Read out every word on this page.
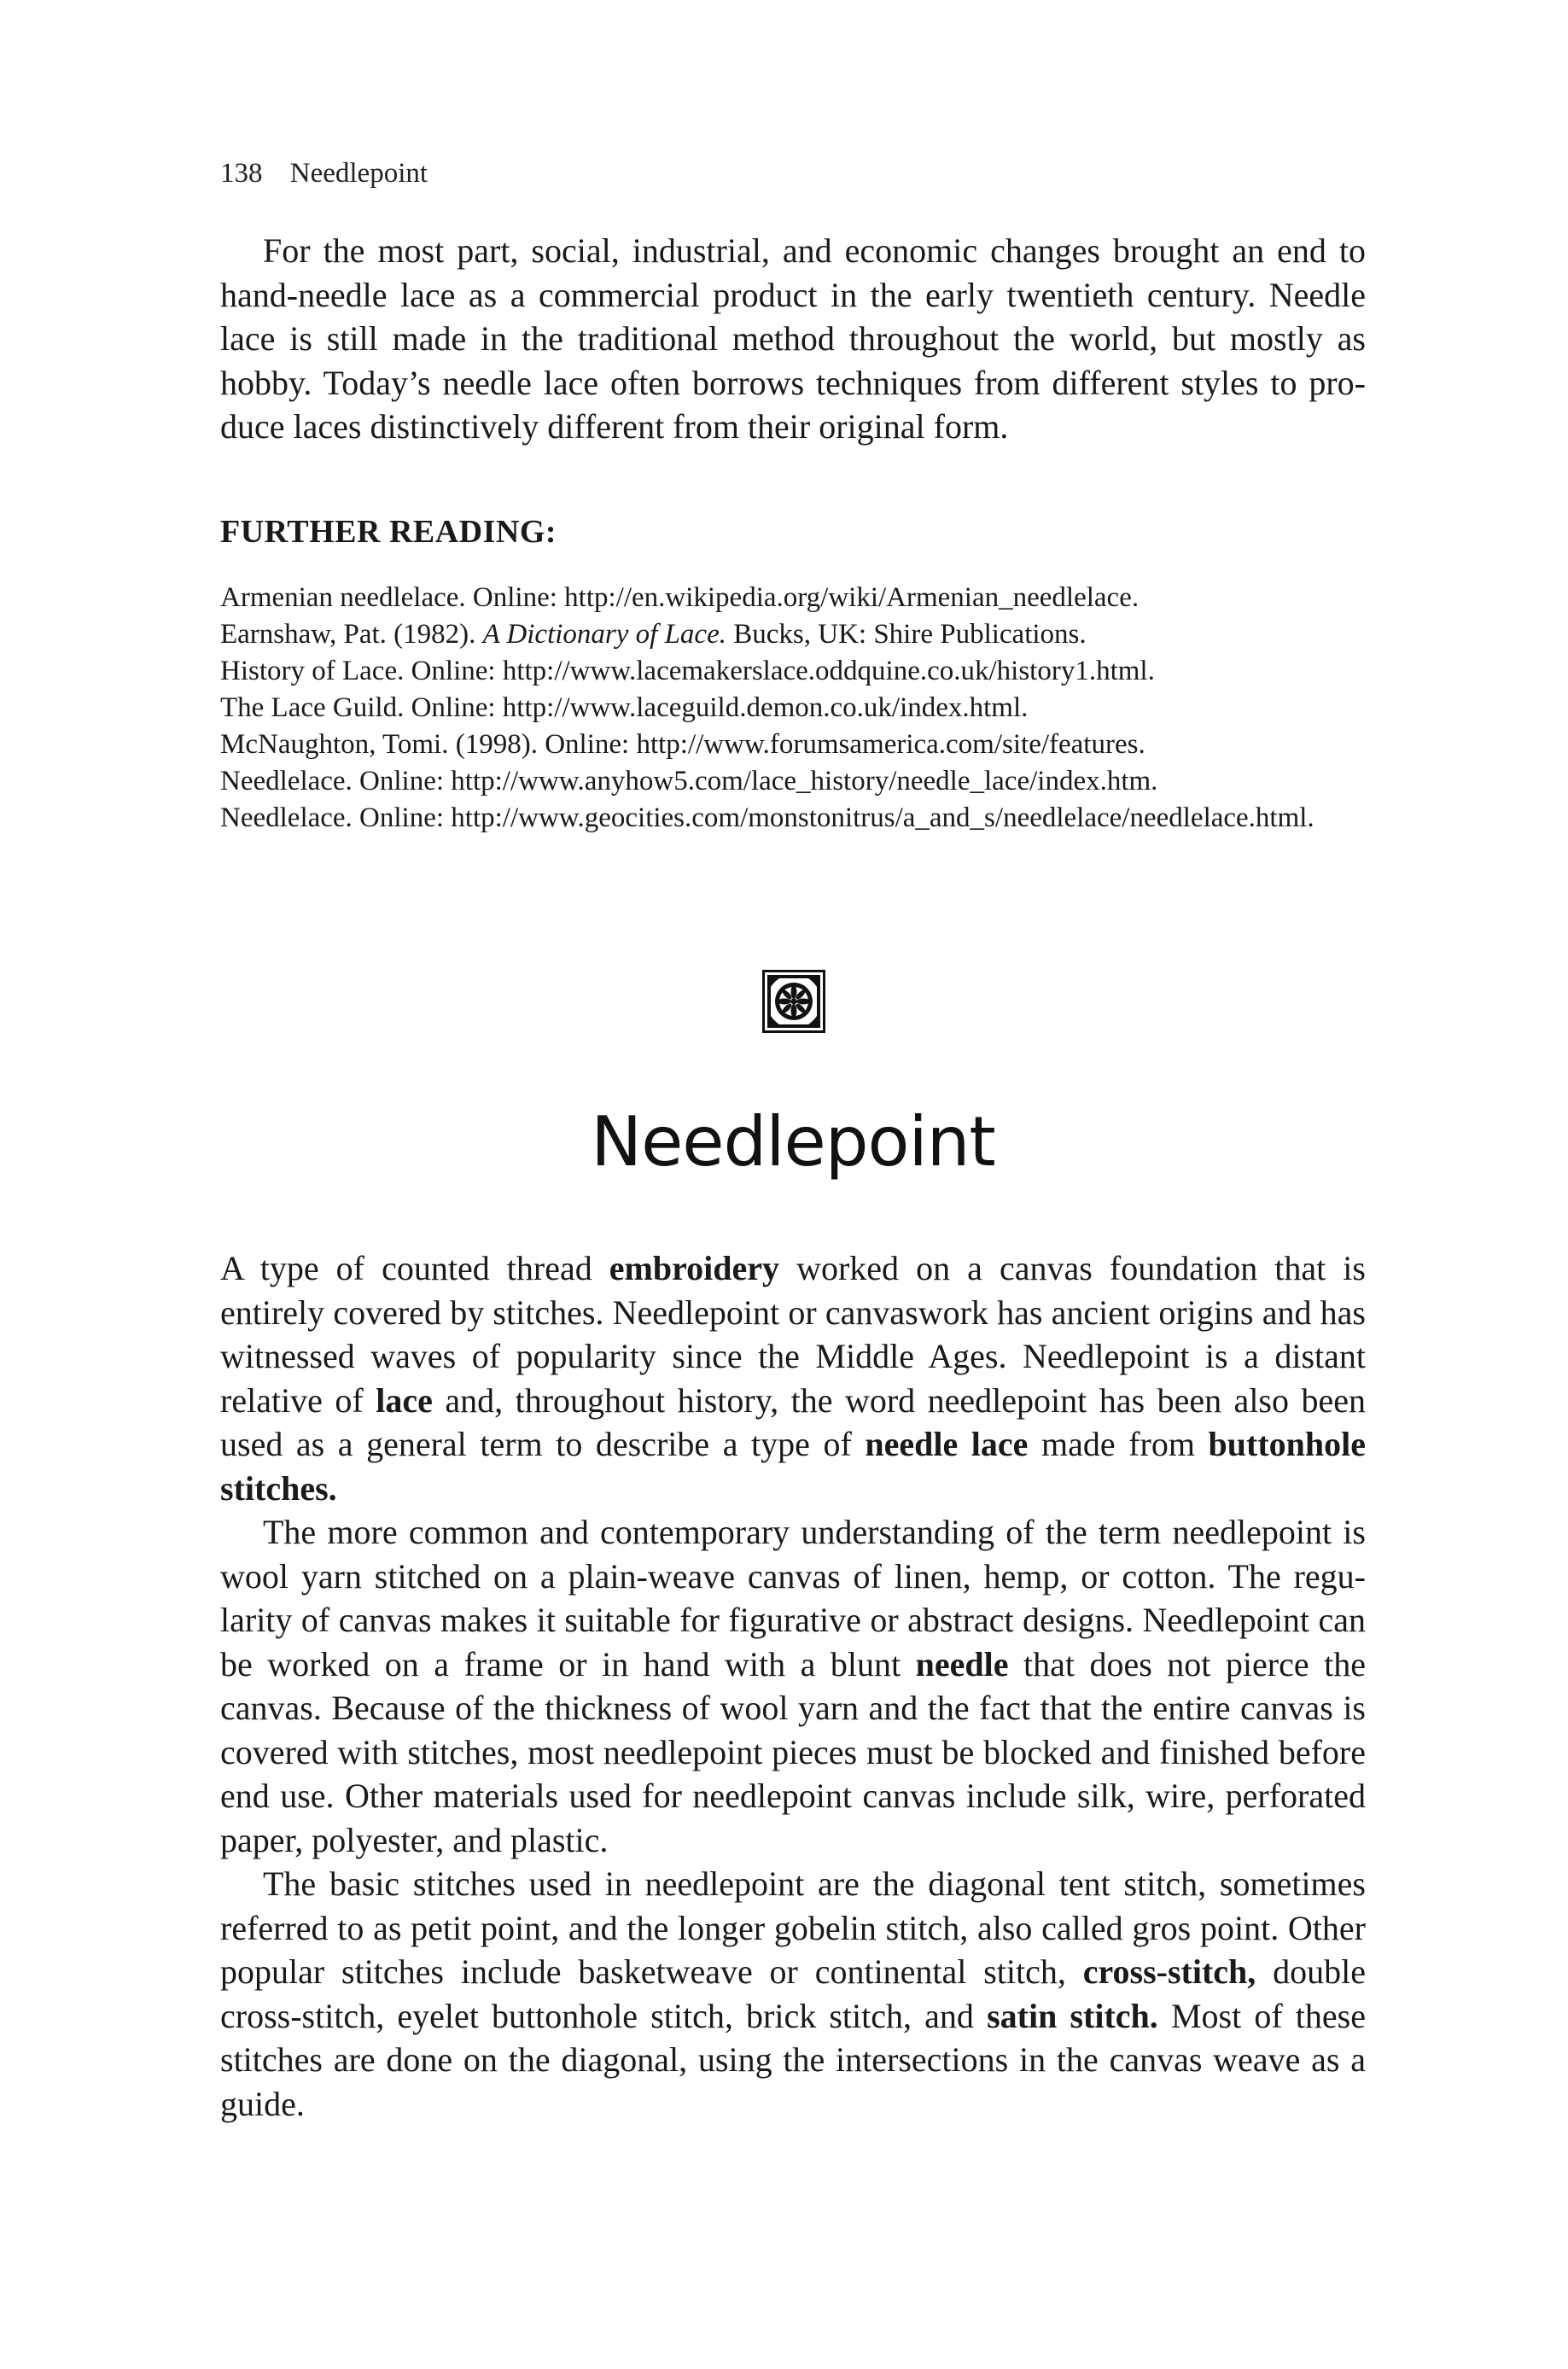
138 Needlepoint

For the most part, social, industrial, and economic changes brought an end to hand-needle lace as a commercial product in the early twentieth century. Needle lace is still made in the traditional method throughout the world, but mostly as hobby. Today’s needle lace often borrows techniques from different styles to produce laces distinctively different from their original form.

FURTHER READING:
Armenian needlelace. Online: http://en.wikipedia.org/wiki/Armenian_needlelace.
Earnshaw, Pat. (1982). A Dictionary of Lace. Bucks, UK: Shire Publications.
History of Lace. Online: http://www.lacemakerslace.oddquine.co.uk/history1.html.
The Lace Guild. Online: http://www.laceguild.demon.co.uk/index.html.
McNaughton, Tomi. (1998). Online: http://www.forumsamerica.com/site/features.
Needlelace. Online: http://www.anyhow5.com/lace_history/needle_lace/index.htm.
Needlelace. Online: http://www.geocities.com/monstonitrus/a_and_s/needlelace/needlelace.html.
Needlepoint

A type of counted thread embroidery worked on a canvas foundation that is entirely covered by stitches. Needlepoint or canvaswork has ancient origins and has witnessed waves of popularity since the Middle Ages. Needlepoint is a distant relative of lace and, throughout history, the word needlepoint has been also been used as a general term to describe a type of needle lace made from buttonhole stitches.

The more common and contemporary understanding of the term needlepoint is wool yarn stitched on a plain-weave canvas of linen, hemp, or cotton. The regularity of canvas makes it suitable for figurative or abstract designs. Needlepoint can be worked on a frame or in hand with a blunt needle that does not pierce the canvas. Because of the thickness of wool yarn and the fact that the entire canvas is covered with stitches, most needlepoint pieces must be blocked and finished before end use. Other materials used for needlepoint canvas include silk, wire, perforated paper, polyester, and plastic.

The basic stitches used in needlepoint are the diagonal tent stitch, sometimes referred to as petit point, and the longer gobelin stitch, also called gros point. Other popular stitches include basketweave or continental stitch, cross-stitch, double cross-stitch, eyelet buttonhole stitch, brick stitch, and satin stitch. Most of these stitches are done on the diagonal, using the intersections in the canvas weave as a guide.
